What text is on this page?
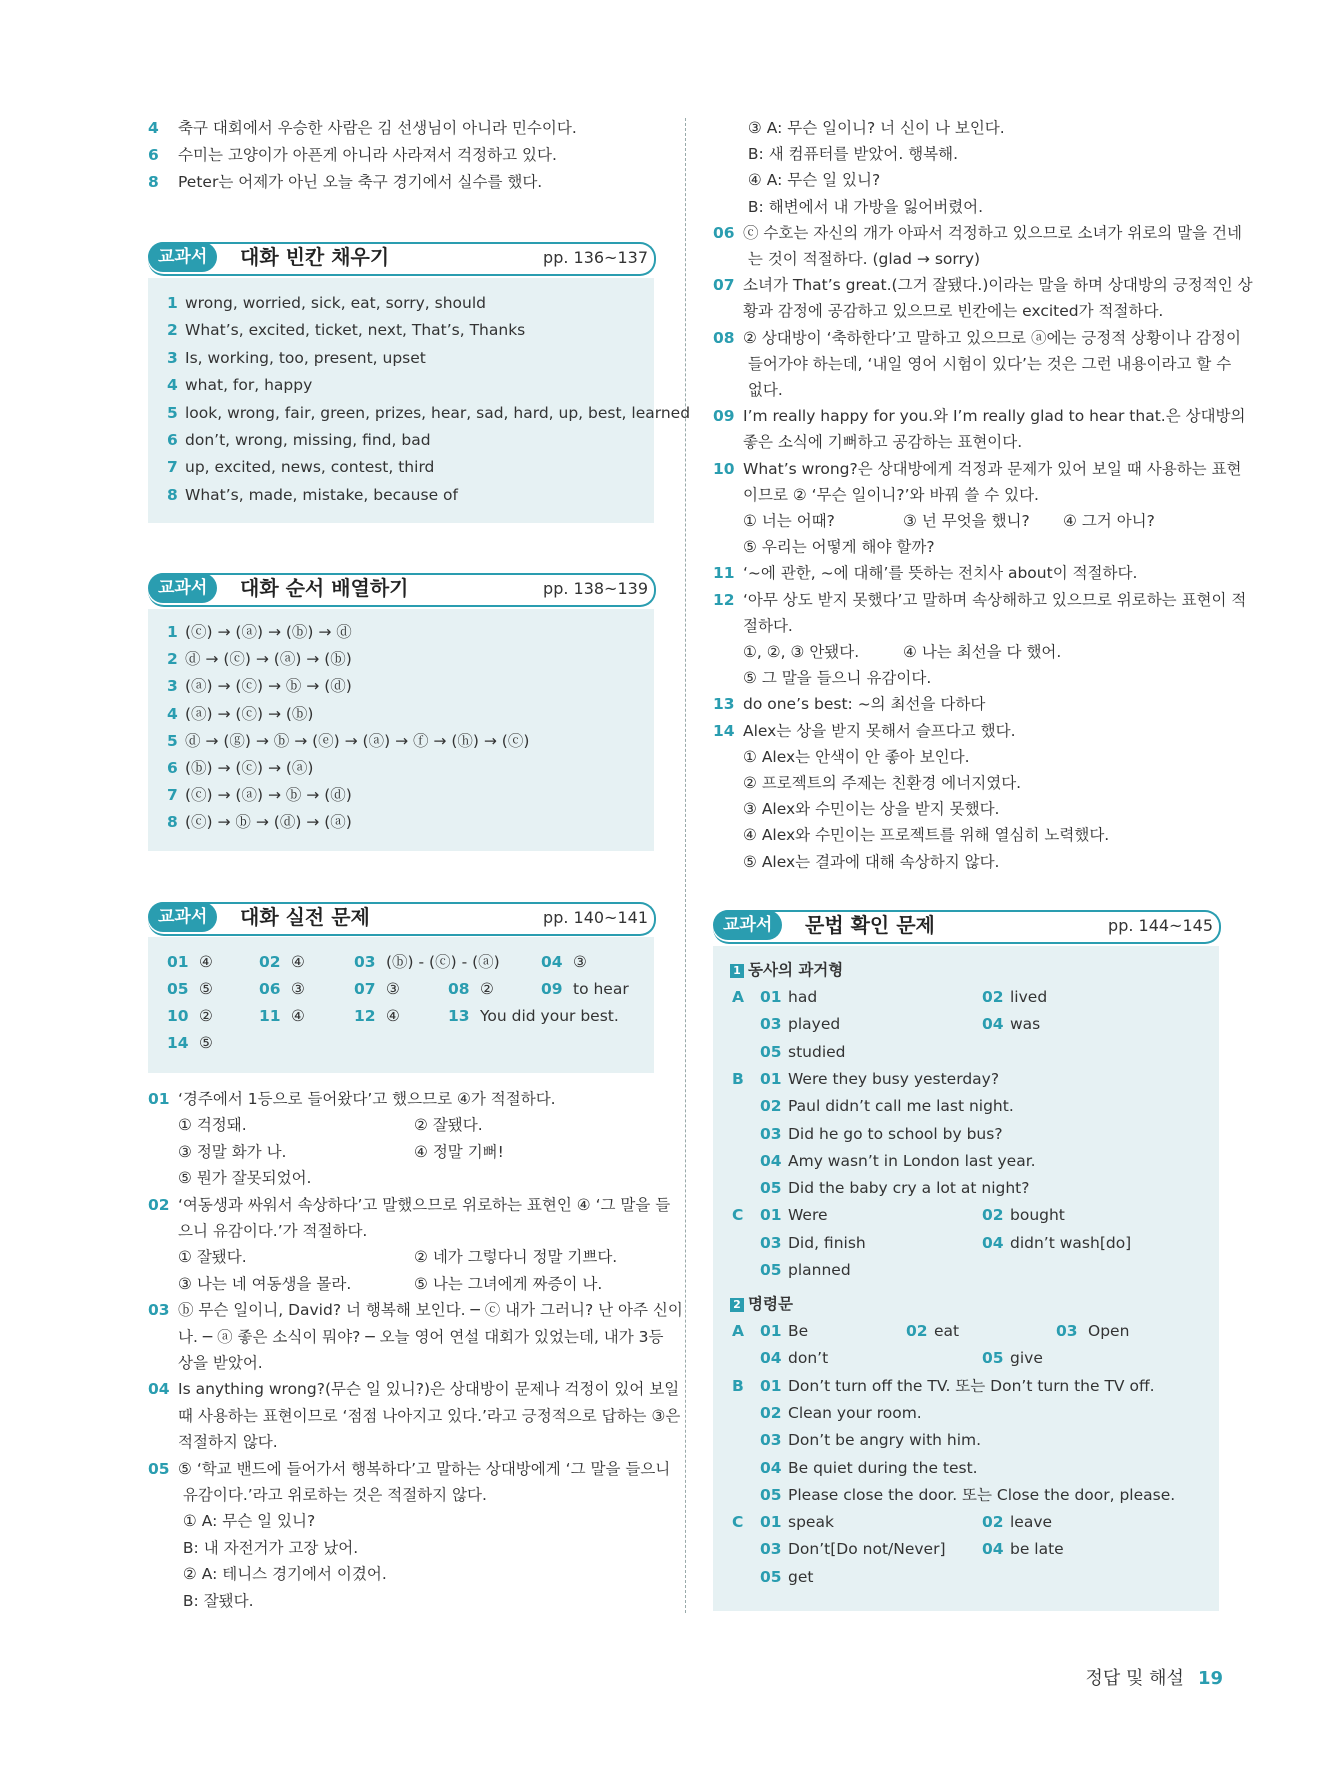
4 축구 대회에서 우승한 사람은 김 선생님이 아니라 민수이다.
6 수미는 고양이가 아픈게 아니라 사라져서 걱정하고 있다.
8 Peter는 어제가 아닌 오늘 축구 경기에서 실수를 했다.
교과서	대화 빈칸 채우기	pp. 136~137
1 wrong, worried, sick, eat, sorry, should
2 What’s, excited, ticket, next, That’s, Thanks
3 Is, working, too, present, upset
4 what, for, happy
5 look, wrong, fair, green, prizes, hear, sad, hard, up, best, learned
6 don’t, wrong, missing, find, bad
7 up, excited, news, contest, third
8 What’s, made, mistake, because of
교과서	대화 순서 배열하기	pp. 138~139
1 (ⓒ) → (ⓐ) → (ⓑ) → ⓓ
2 ⓓ → (ⓒ) → (ⓐ) → (ⓑ)
3 (ⓐ) → (ⓒ) → ⓑ → (ⓓ)
4 (ⓐ) → (ⓒ) → (ⓑ)
5 ⓓ → (ⓖ) → ⓑ → (ⓔ) → (ⓐ) → ⓕ → (ⓗ) → (ⓒ)
6 (ⓑ) → (ⓒ) → (ⓐ)
7 (ⓒ) → (ⓐ) → ⓑ → (ⓓ)
8 (ⓒ) → ⓑ → (ⓓ) → (ⓐ)
교과서	대화 실전 문제	pp. 140~141
01 ④	02 ④	03 (ⓑ) - (ⓒ) - (ⓐ)	04 ③
05 ⑤	06 ③	07 ③	08 ②	09 to hear
10 ②	11 ④	12 ④	13 You did your best.
14 ⑤
01 ‘경주에서 1등으로 들어왔다’고 했으므로 ④가 적절하다.
① 걱정돼.	② 잘됐다.
③ 정말 화가 나.	④ 정말 기뻐!
⑤ 뭔가 잘못되었어.
02 ‘여동생과 싸워서 속상하다’고 말했으므로 위로하는 표현인 ④ ‘그 말을 들
으니 유감이다.’가 적절하다.
① 잘됐다.	② 네가 그렇다니 정말 기쁘다.
③ 나는 네 여동생을 몰라.	⑤ 나는 그녀에게 짜증이 나.
03 ⓑ 무슨 일이니, David? 너 행복해 보인다. ─ ⓒ 내가 그러니? 난 아주 신이
나. ─ ⓐ 좋은 소식이 뭐야? ─ 오늘 영어 연설 대회가 있었는데, 내가 3등
상을 받았어.
04 Is anything wrong?(무슨 일 있니?)은 상대방이 문제나 걱정이 있어 보일
때 사용하는 표현이므로 ‘점점 나아지고 있다.’라고 긍정적으로 답하는 ③은
적절하지 않다.
05 ⑤ ‘학교 밴드에 들어가서 행복하다’고 말하는 상대방에게 ‘그 말을 들으니
유감이다.’라고 위로하는 것은 적절하지 않다.
① A: 무슨 일 있니?
B: 내 자전거가 고장 났어.
② A: 테니스 경기에서 이겼어.
B: 잘됐다.
③ A: 무슨 일이니? 너 신이 나 보인다.
B: 새 컴퓨터를 받았어. 행복해.
④ A: 무슨 일 있니?
B: 해변에서 내 가방을 잃어버렸어.
06 ⓒ 수호는 자신의 개가 아파서 걱정하고 있으므로 소녀가 위로의 말을 건네
는 것이 적절하다. (glad → sorry)
07 소녀가 That’s great.(그거 잘됐다.)이라는 말을 하며 상대방의 긍정적인 상
황과 감정에 공감하고 있으므로 빈칸에는 excited가 적절하다.
08 ② 상대방이 ‘축하한다’고 말하고 있으므로 ⓐ에는 긍정적 상황이나 감정이
들어가야 하는데, ‘내일 영어 시험이 있다’는 것은 그런 내용이라고 할 수
없다.
09 I’m really happy for you.와 I’m really glad to hear that.은 상대방의
좋은 소식에 기뻐하고 공감하는 표현이다.
10 What’s wrong?은 상대방에게 걱정과 문제가 있어 보일 때 사용하는 표현
이므로 ② ‘무슨 일이니?’와 바꿔 쓸 수 있다.
① 너는 어때?	③ 넌 무엇을 했니? ④ 그거 아니?
⑤ 우리는 어떻게 해야 할까?
11 ‘~에 관한, ~에 대해’를 뜻하는 전치사 about이 적절하다.
12 ‘아무 상도 받지 못했다’고 말하며 속상해하고 있으므로 위로하는 표현이 적
절하다.
①, ②, ③ 안됐다.	④ 나는 최선을 다 했어.
⑤ 그 말을 들으니 유감이다.
13 do one’s best: ~의 최선을 다하다
14 Alex는 상을 받지 못해서 슬프다고 했다.
① Alex는 안색이 안 좋아 보인다.
② 프로젝트의 주제는 친환경 에너지였다.
③ Alex와 수민이는 상을 받지 못했다.
④ Alex와 수민이는 프로젝트를 위해 열심히 노력했다.
⑤ Alex는 결과에 대해 속상하지 않다.
교과서	문법 확인 문제	pp. 144~145
1 동사의 과거형
A 01 had	02 lived
03 played	04 was
05 studied
B 01 Were they busy yesterday?
02 Paul didn’t call me last night.
03 Did he go to school by bus?
04 Amy wasn’t in London last year.
05 Did the baby cry a lot at night?
C 01 Were	02 bought
03 Did, finish	04 didn’t wash[do]
05 planned
2 명령문
A 01 Be	02 eat	03 Open
04 don’t	05 give
B 01 Don’t turn off the TV. 또는 Don’t turn the TV off.
02 Clean your room.
03 Don’t be angry with him.
04 Be quiet during the test.
05 Please close the door. 또는 Close the door, please.
C 01 speak	02 leave
03 Don’t[Do not/Never] 04 be late
05 get
정답 및 해설 19
